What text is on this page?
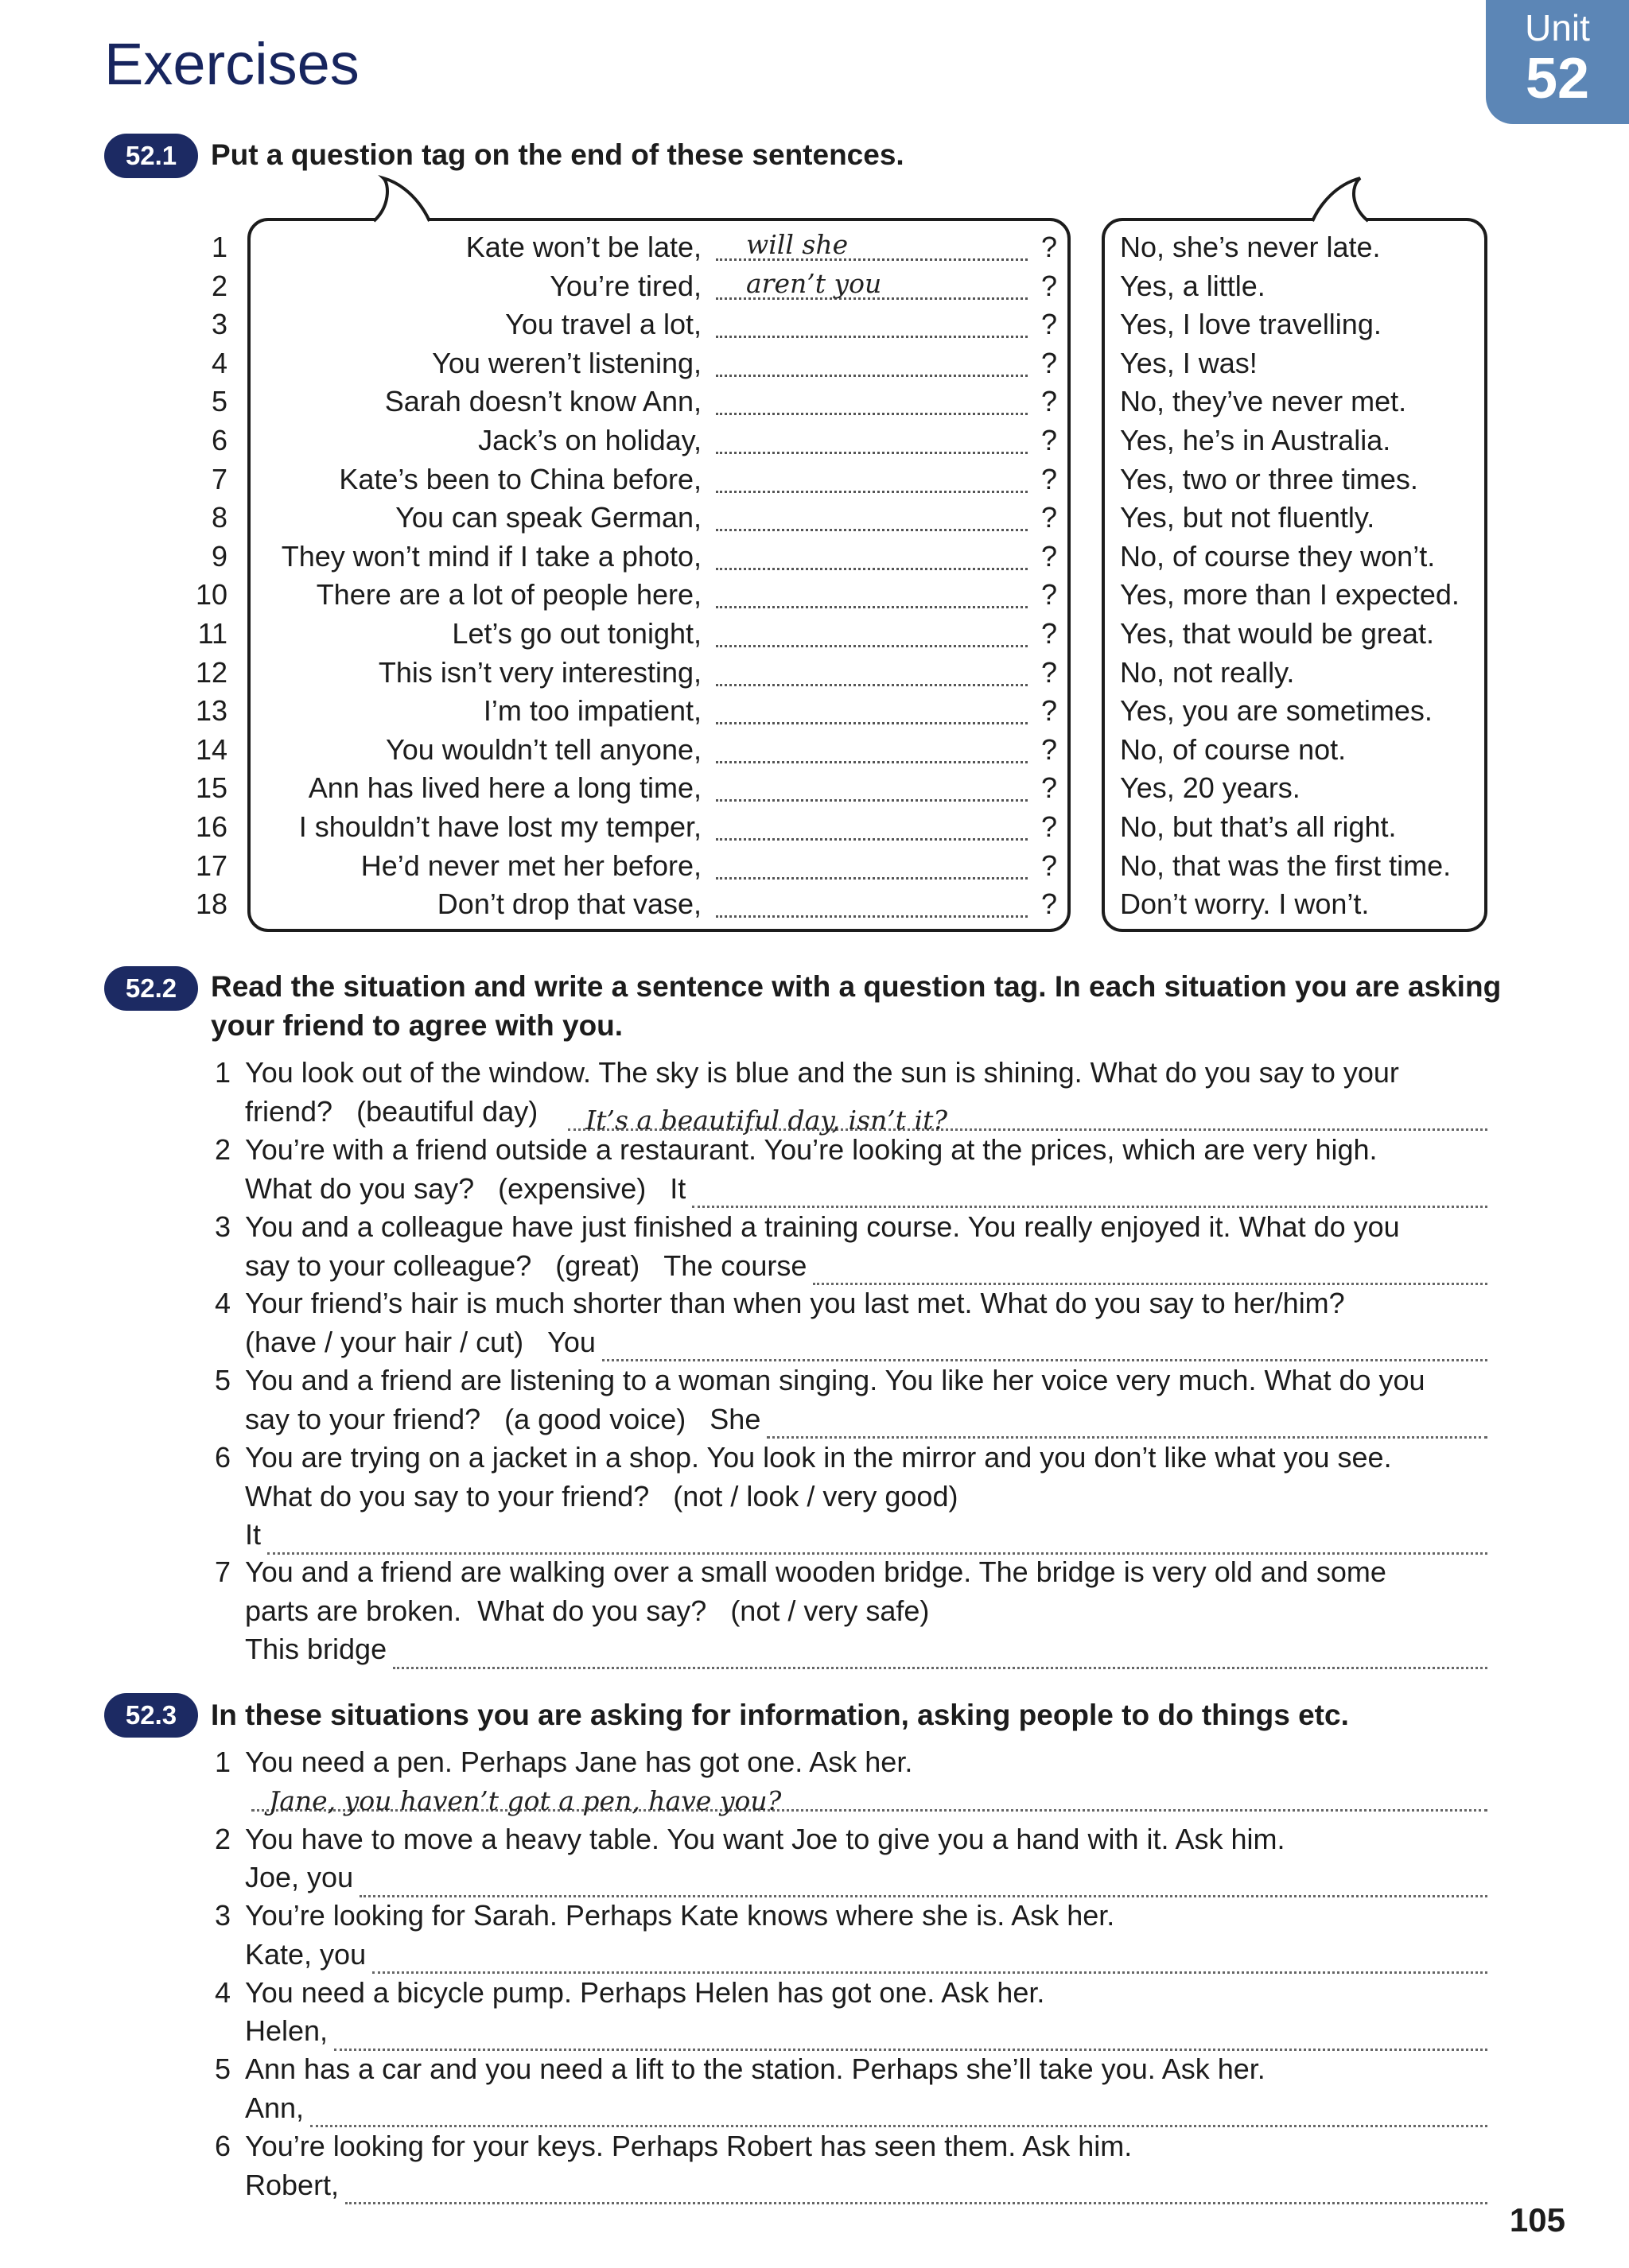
Exercises
Unit
52
52.1	Put a question tag on the end of these sentences.
1	Kate won’t be late,	will she	? No, she’s never late.
2	You’re tired,	aren’t you	? Yes, a little.
3	You travel a lot,	? Yes, I love travelling.
4	You weren’t listening,	? Yes, I was!
5	Sarah doesn’t know Ann,	? No, they’ve never met.
6	Jack’s on holiday,	? Yes, he’s in Australia.
7	Kate’s been to China before,	? Yes, two or three times.
8	You can speak German,	? Yes, but not fluently.
9	They won’t mind if I take a photo,	? No, of course they won’t.
10	There are a lot of people here,	? Yes, more than I expected.
11	Let’s go out tonight,	? Yes, that would be great.
12	This isn’t very interesting,	? No, not really.
13	I’m too impatient,	? Yes, you are sometimes.
14	You wouldn’t tell anyone,	? No, of course not.
15	Ann has lived here a long time,	? Yes, 20 years.
16	I shouldn’t have lost my temper,	? No, but that’s all right.
17	He’d never met her before,	? No, that was the first time.
18	Don’t drop that vase,	? Don’t worry. I won’t.
52.2	Read the situation and write a sentence with a question tag. In each situation you are asking
your friend to agree with you.
1 You look out of the window. The sky is blue and the sun is shining. What do you say to your
friend?   (beautiful day)	It’s a beautiful day, isn’t it?
2 You’re with a friend outside a restaurant. You’re looking at the prices, which are very high.
What do you say?   (expensive) It
3 You and a colleague have just finished a training course. You really enjoyed it. What do you
say to your colleague?   (great) The course
4 Your friend’s hair is much shorter than when you last met. What do you say to her/him?
(have / your hair / cut) You
5 You and a friend are listening to a woman singing. You like her voice very much. What do you
say to your friend?   (a good voice) She
6 You are trying on a jacket in a shop. You look in the mirror and you don’t like what you see.
What do you say to your friend?   (not / look / very good)
It
7 You and a friend are walking over a small wooden bridge. The bridge is very old and some
parts are broken.  What do you say?   (not / very safe)
This bridge
52.3	In these situations you are asking for information, asking people to do things etc.
1 You need a pen. Perhaps Jane has got one. Ask her.
Jane, you haven’t got a pen, have you?
2 You have to move a heavy table. You want Joe to give you a hand with it. Ask him.
Joe, you
3 You’re looking for Sarah. Perhaps Kate knows where she is. Ask her.
Kate, you
4 You need a bicycle pump. Perhaps Helen has got one. Ask her.
Helen,
5 Ann has a car and you need a lift to the station. Perhaps she’ll take you. Ask her.
Ann,
6 You’re looking for your keys. Perhaps Robert has seen them. Ask him.
Robert,
105
